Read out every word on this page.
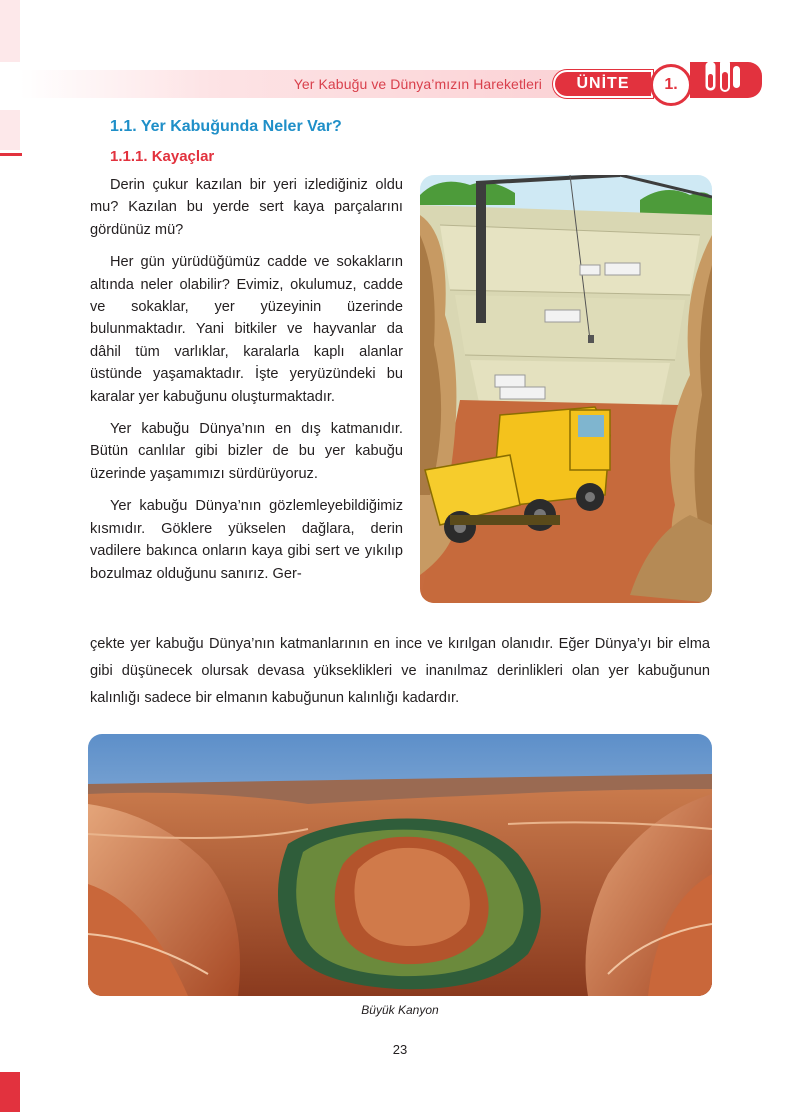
Yer Kabuğu ve Dünya’mızın Hareketleri	ÜNİTE	1.
1.1. Yer Kabuğunda Neler Var?
1.1.1. Kayaçlar

Derin çukur kazılan bir yeri izlediğiniz oldu mu? Kazılan bu yerde sert kaya parçalarını gördünüz mü?

Her gün yürüdüğümüz cadde ve sokakların altında neler olabilir? Evimiz, okulumuz, cadde ve sokaklar, yer yüzeyinin üzerinde bulunmaktadır. Yani bitkiler ve hayvanlar da dâhil tüm varlıklar, karalarla kaplı alanlar üstünde yaşamaktadır. İşte yeryüzündeki bu karalar yer kabuğunu oluşturmaktadır.

Yer kabuğu Dünya’nın en dış katmanıdır. Bütün canlılar gibi bizler de bu yer kabuğu üzerinde yaşamımızı sürdürüyoruz.

Yer kabuğu Dünya’nın gözlemleyebildiğimiz kısmıdır. Göklere yükselen dağlara, derin vadilere bakınca onların kaya gibi sert ve yıkılıp bozulmaz olduğunu sanırız. Ger-

çekte yer kabuğu Dünya’nın katmanlarının en ince ve kırılgan olanıdır. Eğer Dünya’yı bir elma gibi düşünecek olursak devasa yükseklikleri ve inanılmaz derinlikleri olan yer kabuğunun kalınlığı sadece bir elmanın kabuğunun kalınlığı kadardır.
Büyük Kanyon
23
